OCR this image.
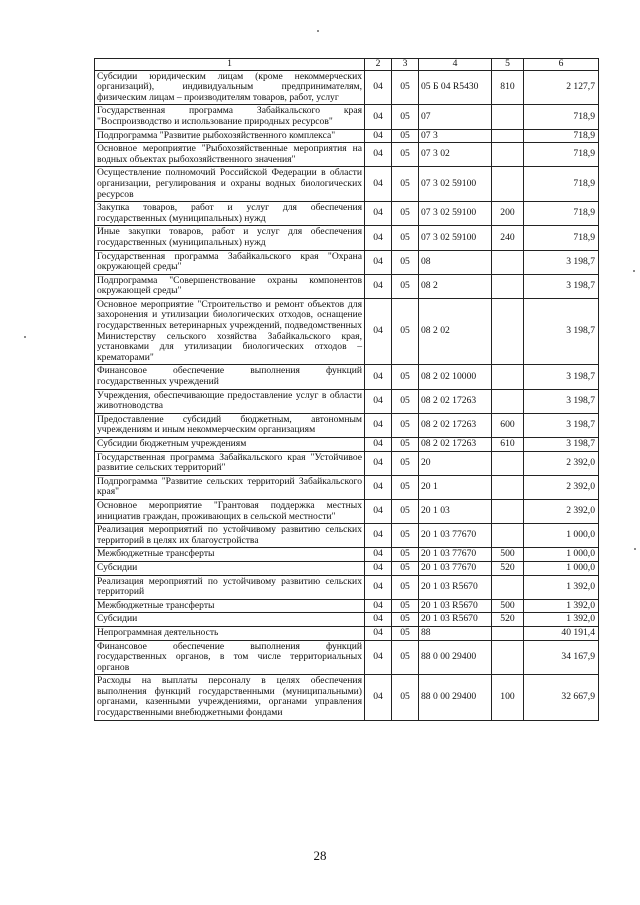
1	2	3	4	5	6
Субсидии юридическим лицам (кроме некоммерческих организаций), индивидуальным предпринимателям, физическим лицам – производителям товаров, работ, услуг	04	05	05 Б 04 R5430	810	2 127,7
Государственная программа Забайкальского края "Воспроизводство и использование природных ресурсов"	04	05	07		718,9
Подпрограмма "Развитие рыбохозяйственного комплекса"	04	05	07 3		718,9
Основное мероприятие "Рыбохозяйственные мероприятия на водных объектах рыбохозяйственного значения"	04	05	07 3 02		718,9
Осуществление полномочий Российской Федерации в области организации, регулирования и охраны водных биологических ресурсов	04	05	07 3 02 59100		718,9
Закупка товаров, работ и услуг для обеспечения государственных (муниципальных) нужд	04	05	07 3 02 59100	200	718,9
Иные закупки товаров, работ и услуг для обеспечения государственных (муниципальных) нужд	04	05	07 3 02 59100	240	718,9
Государственная программа Забайкальского края "Охрана окружающей среды"	04	05	08		3 198,7
Подпрограмма "Совершенствование охраны компонентов окружающей среды"	04	05	08 2		3 198,7
Основное мероприятие "Строительство и ремонт объектов для захоронения и утилизации биологических отходов, оснащение государственных ветеринарных учреждений, подведомственных Министерству сельского хозяйства Забайкальского края, установками для утилизации биологических отходов – крематорами"	04	05	08 2 02		3 198,7
Финансовое обеспечение выполнения функций государственных учреждений	04	05	08 2 02 10000		3 198,7
Учреждения, обеспечивающие предоставление услуг в области животноводства	04	05	08 2 02 17263		3 198,7
Предоставление субсидий бюджетным, автономным учреждениям и иным некоммерческим организациям	04	05	08 2 02 17263	600	3 198,7
Субсидии бюджетным учреждениям	04	05	08 2 02 17263	610	3 198,7
Государственная программа Забайкальского края "Устойчивое развитие сельских территорий"	04	05	20		2 392,0
Подпрограмма "Развитие сельских территорий Забайкальского края"	04	05	20 1		2 392,0
Основное мероприятие "Грантовая поддержка местных инициатив граждан, проживающих в сельской местности"	04	05	20 1 03		2 392,0
Реализация мероприятий по устойчивому развитию сельских территорий в целях их благоустройства	04	05	20 1 03 77670		1 000,0
Межбюджетные трансферты	04	05	20 1 03 77670	500	1 000,0
Субсидии	04	05	20 1 03 77670	520	1 000,0
Реализация мероприятий по устойчивому развитию сельских территорий	04	05	20 1 03 R5670		1 392,0
Межбюджетные трансферты	04	05	20 1 03 R5670	500	1 392,0
Субсидии	04	05	20 1 03 R5670	520	1 392,0
Непрограммная деятельность	04	05	88		40 191,4
Финансовое обеспечение выполнения функций государственных органов, в том числе территориальных органов	04	05	88 0 00 29400		34 167,9
Расходы на выплаты персоналу в целях обеспечения выполнения функций государственными (муниципальными) органами, казенными учреждениями, органами управления государственными внебюджетными фондами	04	05	88 0 00 29400	100	32 667,9
28
